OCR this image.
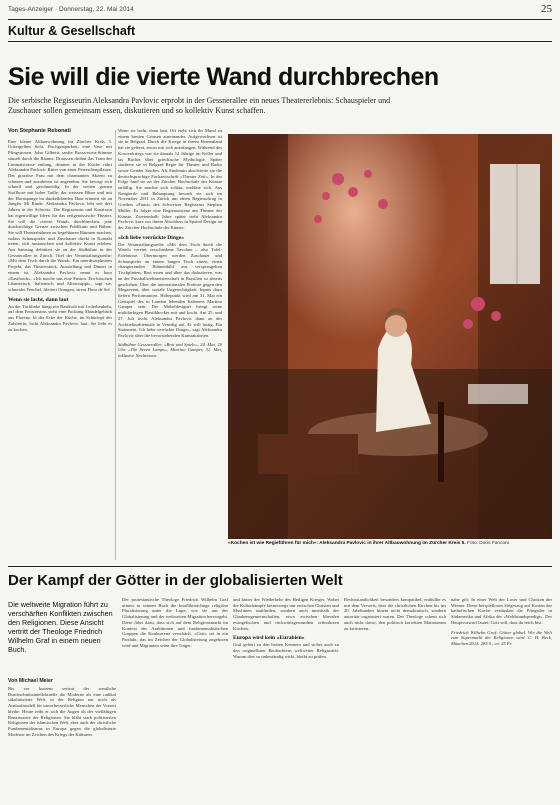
Tages-Anzeiger · Donnerstag, 22. Mai 2014	25
Kultur & Gesellschaft
Sie will die vierte Wand durchbrechen
Die serbische Regisseurin Aleksandra Pavlovic erprobt in der Gessnerallee ein neues Theatererlebnis: Schauspieler und Zuschauer sollen gemeinsam essen, diskutieren und so kollektiv Kunst schaffen.
Von Stephanie Rebonati
Eine kleine Altbauwohnung im Zürcher Kreis 5. Ockergelbes Sofa, Fischgratparkett, eine Vase mit Pfingstrosen. John Gilberts sanfte Bossa-nova-Stimme säuselt durch die Räume. Draussen dröhnt das Tram der Limmatstrasse entlang, drinnen in der Küche rührt Aleksandra Pavlovic Bitter von einer Petersilienpflanze. Der graziöse Frau mit dem charmanten Akzent zu schauen und zuzuhören ist angenehm. Sie bewegt sich schnell und geschmeidig. In der weiten grauen Stoffhose mit hoher Taille, der weissen Bluse und mit der Hornspange im dunkelblonden Haar erinnert sie an Jungfer Mi Rinde. Aleksandra Pavlovic lebt seit drei Jahren in der Schweiz. Die Regisseurin und Kuratorin hat eigenwillige Ideen für das zeitgenössische Theater. Sie will die «vierte Wand» durchbrechen, jene durchsichtige Grenze zwischen Publikum und Bühne. Sie will Theaterbühnen zu begehbaren Räumen machen, sodass Schauspieler und Zuschauer direkt in Kontakt treten, sich austauschen und kollektiv Kunst erleben. Am Samstag debütiert sie an der Südbühne in der Gessnerallee in Zürich. Titel der Veranstaltungsreihe: «Mit dem Tisch durch die Wand». Ein interdisziplinäres Projekt, das Theaterstück, Ausstellung und Dinner in einem ist. Aleksandra Pavlovic nennt es kurz «Eastfoods». «Ich mache uns eine Fusion. Ein bisschen Libanesisch, Italienisch und Mississippi», sagt sie, schneidet Fenchel, filetiert Orangen, streut Fleur de Sel.
Wenn sie lacht, dann laut
An der Türklinke hängt ein Bastkorb mit Lederhenkeln, auf dem Fenstersims steht eine Packung Mandelgebäck aus Florenz. In der Ecke der Küche, im Schürtopf der Zuhörerin, lacht Aleksandra Pavlovic laut. Sie liebt es zu kochen.
Wenn sie lacht, dann laut. Oft zieht sich ihr Mund zu einem breiten Grinsen auseinander. Aufgewachsen ist sie in Belgrad. Durch die Kriege in ihrem Heimatland hat sie gelernt, etwas mit sich anzufangen. Während des Kosovokriegs war sie damals 14 Jährige im Keller und las Bücher über griechische Mythologie. Später studierte sie in Belgrad Regie für Theater und Radio sowie Gender Studies. Als Studentin absolvierte sie die deutschsprachige Fachzeitschrift «Theater Zeit». In der Folge fand sie an der Zürcher Hochschule der Künste zufällig. Sie machte sich schlau, meldete sich. Aus Neugierde und Behauptung bewarb sie sich im November 2011 in Zürich um einen Regieauftrag in Goethes «Faust» des Schweizer Regisseurs Stephan Müller. Es folgte eine Regieassistenz am Theater der Künste. Zweieinhalb Jahre später steht Aleksandra Pavlovic kurz vor ihrem Abschluss in Spatial Design an der Zürcher Hochschule der Künste.
«Ich liebe verrückte Dinge»
Die Veranstaltungsreihe «Mit dem Tisch durch die Wand» vereint verschiedene Tavolate – also Tafel-Erlebnisse. Übermorgen werden Zuschauer und Schauspieler an einem langen Tisch sitzen, einen changierenden Bühnenbild aus versprengelten Tischplatten, Brot essen und über das diskutieren, was an der Fussballweltmeisterschaft in Brasilien so abseits geschehen. Über die internationalen Proteste gegen den Megaevent, über soziale Ungerechtigkeit. Inputs dazu liefern Performancen. Höhepunkt wird am 31. Mai ein Gastspiel des in London lebenden Italieners Martino Gamper sein. Der Möbeldesigner bringt seine multifarbigen Plastikhocker mit und kocht. Am 25. und 27. Juli tischt Aleksandra Pavlovic dann an der Architekturbiennale in Venedig auf. Er will lustig. Ein Statement. Ich liebe verrückte Dinge», sagt Aleksandra Pavlovic über die bevorstehenden Kunstaktionen.
Südbühne Gessnerallee, «Brot und Spiele», 24. Mai, 20 Uhr. «The Seven Lamps», Martino Gamper, 31. Mai, inklusive Nachtessen.
«Kochen ist wie Regieführen für mich»: Aleksandra Pavlovic in ihrer Altbauwohnung im Zürcher Kreis 5. Foto: Doris Fanconi
Der Kampf der Götter in der globalisierten Welt
Die weltweite Migration führt zu verschärften Konflikten zwischen den Religionen. Diese Ansicht vertritt der Theologe Friedrich Wilhelm Graf in einem neuen Buch.
Von Michael Meier
Bis vor kurzem vertrat der westliche Durchschnittsintellektuelle die Moderne als eine radikal säkularisierte Welt, in der Religion nur noch als Auslaufmodell für unverbesserliche Menschen der Vorzeit bleibe. Heute reibt er sich die Augen ob der vielfältigen Renaissance der Religionen. Sie bläht stark politisierten Religionen der islamischen Welt, aber auch der christliche Fundamentalismus in Europa gegen die globalisierte Moderne im Zeichen des Kriegs der Kulturen.
Der protestantische Theologe Friedrich Wilhelm Graf nimmt in seinem Buch die konfliktträchtige religiöse Pluralisierung unter die Lupe, wie sie aus der Globalisierung und der weltweiten Migration hervorgeht. Diese führt dazu, dass sich auf dem Religionsmarkt im Kontext der Ambitionen und fundamentalistischen Gruppen die Konkurrenz verschärft. «Gott» sei in ein Produkt, das im Zeichen der Globalisierung angeboten wird und Migranten seien ihre Träger.
und hinter der Wiederkehr des Heiligen Krieges. Wobei die Kulturkämpfe keineswegs nur zwischen Christen und Muslimen stattfinden, sondern auch innerhalb der Glaubensgemeinschaften, etwa zwischen liberalen evangelischen und rückwärtsgewandten orthodoxen Kirchen.
Europa wird kein «Eurabien»
Graf gehört zu den besten Kennern und sicher auch zu den originellsten Beobachtern weltweiter Religiosität. Warum dies so unbeständig wirkt, bleibt zu prüfen.
Rechtsstaatlichkeit besonders kompatibel, enthüllte es mit dem Verweis, dass die christlichen Kirchen bis ins 20. Jahrhundert hinein nicht demokratisch, sondern autoritär organisiert waren. Der Theologe scheut sich auch nicht davor, den politisch korrekten Mainstream zu kritisieren.
nahe gilt: In einer Welt der Loser und Christen der Winner. Diese beispiellosen Siegeszug auf Kosten der katholischen Kirche verdanken die Pfingstler in Südamerika und Afrika der «Wohlstandspredigt». Der Hauptvorwurf lautet: Gott will, dass du reich bist.
Friedrich Wilhelm Graf: Götter global. Wie die Welt zum Supermarkt der Religionen wird. C. H. Beck, München 2014. 285 S., ca. 25 Fr.
